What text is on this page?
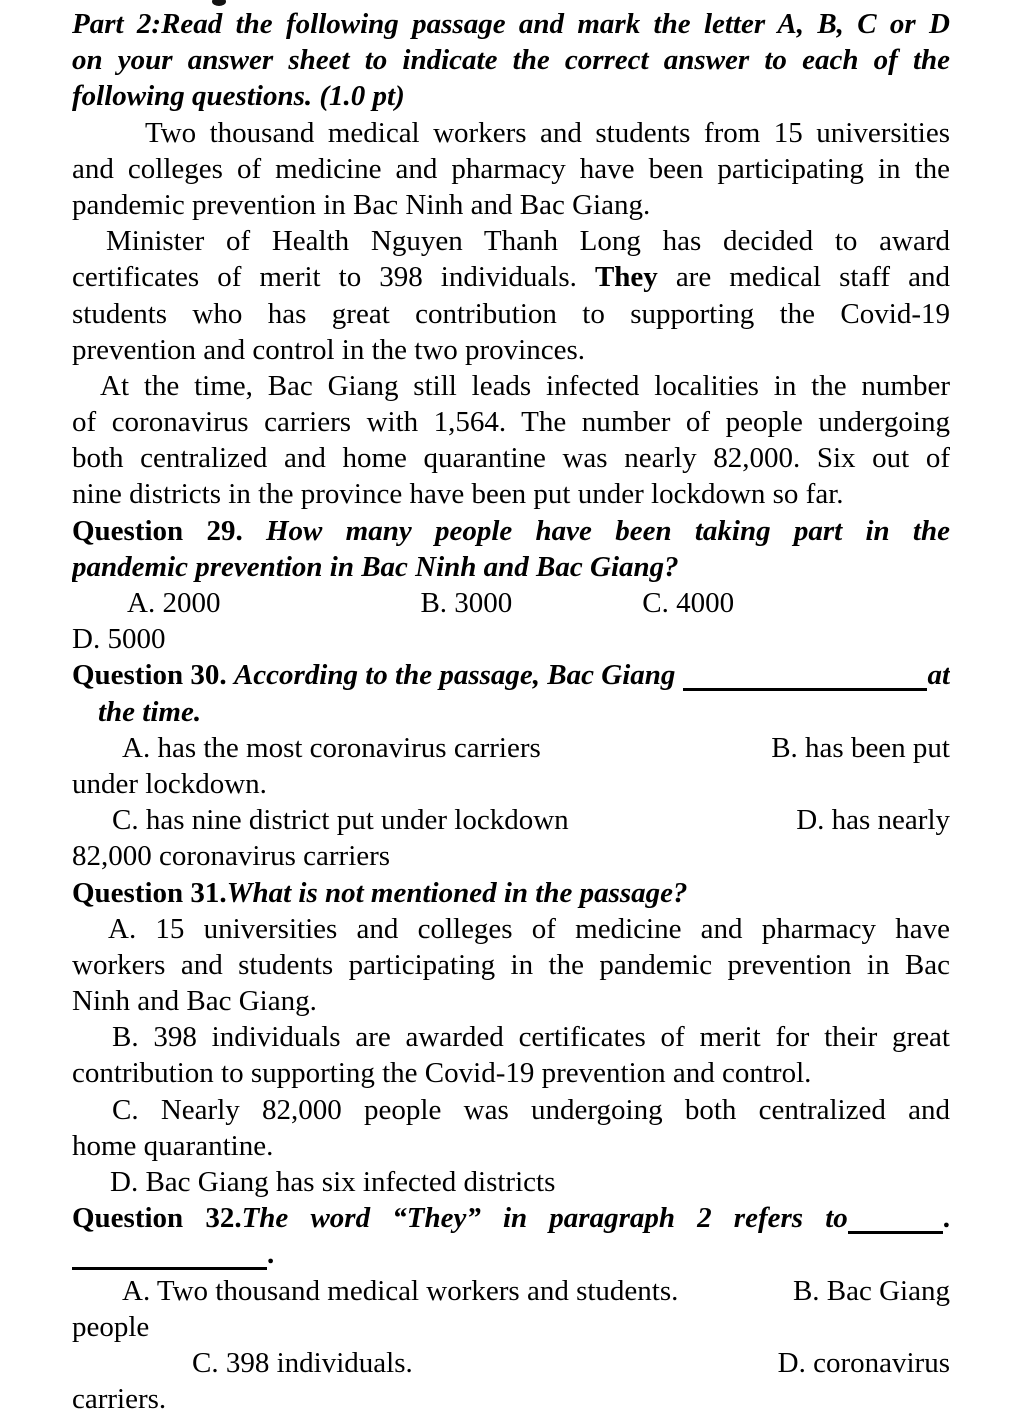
Part 2:Read the following passage and mark the letter A, B, C or D
on your answer sheet to indicate the correct answer to each of the
following questions. (1.0 pt)
Two thousand medical workers and students from 15 universities
and colleges of medicine and pharmacy have been participating in the
pandemic prevention in Bac Ninh and Bac Giang.
Minister of Health Nguyen Thanh Long has decided to award
certificates of merit to 398 individuals. They are medical staff and
students who has great contribution to supporting the Covid-19
prevention and control in the two provinces.
At the time, Bac Giang still leads infected localities in the number
of coronavirus carriers with 1,564. The number of people undergoing
both centralized and home quarantine was nearly 82,000. Six out of
nine districts in the province have been put under lockdown so far.
Question 29. How many people have been taking part in the
pandemic prevention in Bac Ninh and Bac Giang?
A. 2000	B. 3000	C. 4000
D. 5000
Question 30. According to the passage, Bac Giang	at
the time.
A. has the most coronavirus carriers	B. has been put
under lockdown.
C. has nine district put under lockdown	D. has nearly
82,000 coronavirus carriers
Question 31.What is not mentioned in the passage?
A. 15 universities and colleges of medicine and pharmacy have
workers and students participating in the pandemic prevention in Bac
Ninh and Bac Giang.
B. 398 individuals are awarded certificates of merit for their great
contribution to supporting the Covid-19 prevention and control.
C. Nearly 82,000 people was undergoing both centralized and
home quarantine.
D. Bac Giang has six infected districts
Question 32.The word “They” in paragraph 2 refers to	.
.
A. Two thousand medical workers and students.	B. Bac Giang
people
C. 398 individuals.	D. coronavirus
carriers.
